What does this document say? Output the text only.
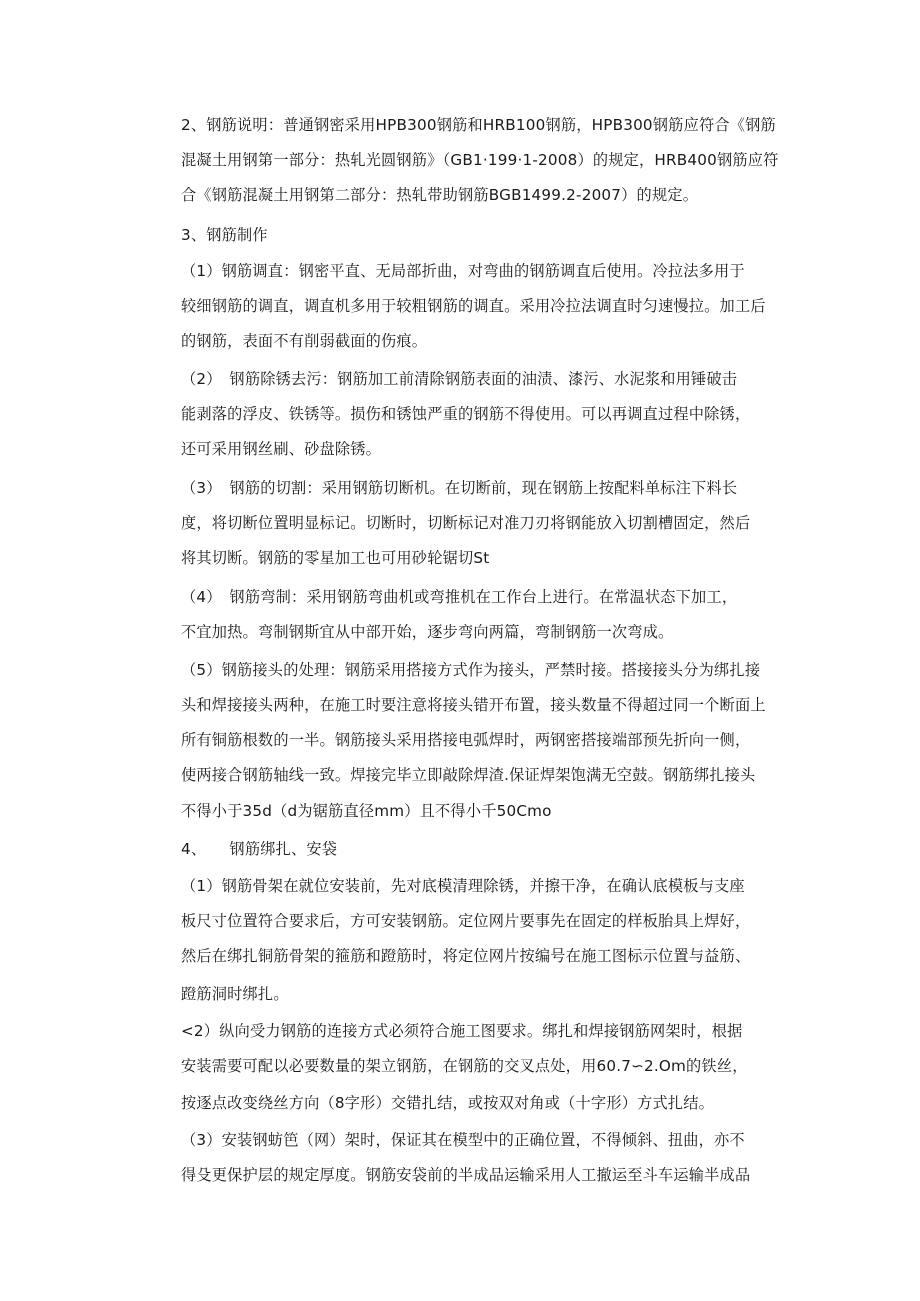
2、钢筋说明：普通钢密采用HPB300钢筋和HRB100钢筋，HPB300钢筋应符合《钢筋
混凝土用钢第一部分：热轧光圆钢筋》（GB1·199·1-2008）的规定，HRB400钢筋应符
合《钢筋混凝土用钢第二部分：热轧带助钢筋BGB1499.2-2007）的规定。
3、钢筋制作
（1）钢筋调直：钢密平直、无局部折曲，对弯曲的钢筋调直后使用。冷拉法多用于
较细钢筋的调直，调直机多用于较粗钢筋的调直。采用冷拉法调直时匀速慢拉。加工后
的钢筋，表面不有削弱截面的伤痕。
（2）　钢筋除锈去污：钢筋加工前清除钢筋表面的油渍、漆污、水泥浆和用锤破击
能剥落的浮皮、铁锈等。损伤和锈蚀严重的钢筋不得使用。可以再调直过程中除锈，
还可采用钢丝刷、砂盘除锈。
（3）　钢筋的切割：采用钢筋切断机。在切断前，现在钢筋上按配料单标注下料长
度，将切断位置明显标记。切断时，切断标记对准刀刃将钢能放入切割槽固定，然后
将其切断。钢筋的零星加工也可用砂轮锯切St
（4）　钢筋弯制：采用钢筋弯曲机或弯推机在工作台上进行。在常温状态下加工，
不宜加热。弯制钢斯宜从中部开始，逐步弯向两篇，弯制钢筋一次弯成。
（5）钢筋接头的处理：钢筋采用搭接方式作为接头，严禁时接。搭接接头分为绑扎接
头和焊接接头两种，在施工时要注意将接头错开布置，接头数量不得超过同一个断面上
所有铜筋根数的一半。钢筋接头采用搭接电弧焊时，两钢密搭接端部预先折向一侧，
使两接合钢筋轴线一致。焊接完毕立即敲除焊渣.保证焊架饱满无空鼓。钢筋绑扎接头
不得小于35d（d为锯筋直径mm）且不得小千50Cmo
4、　　钢筋绑扎、安袋
（1）钢筋骨架在就位安装前，先对底模清理除锈，并擦干净，在确认底模板与支座
板尺寸位置符合要求后，方可安装钢筋。定位网片要事先在固定的样板胎具上焊好，
然后在绑扎铜筋骨架的箍筋和蹬筋时，将定位网片按编号在施工图标示位置与益筋、
蹬筋洞时绑扎。
<2）纵向受力钢筋的连接方式必须符合施工图要求。绑扎和焊接钢筋网架时，根据
安装需要可配以必要数量的架立钢筋，在钢筋的交叉点处，用60.7∽2.Om的铁丝，
按逐点改变绕丝方向（8字形）交错扎结，或按双对角或（十字形）方式扎结。
（3）安装钢蚄笆（网）架时，保证其在模型中的正确位置，不得倾斜、扭曲，亦不
得殳更保护层的规定厚度。钢筋安袋前的半成品运输采用人工撤运至斗车运输半成品
